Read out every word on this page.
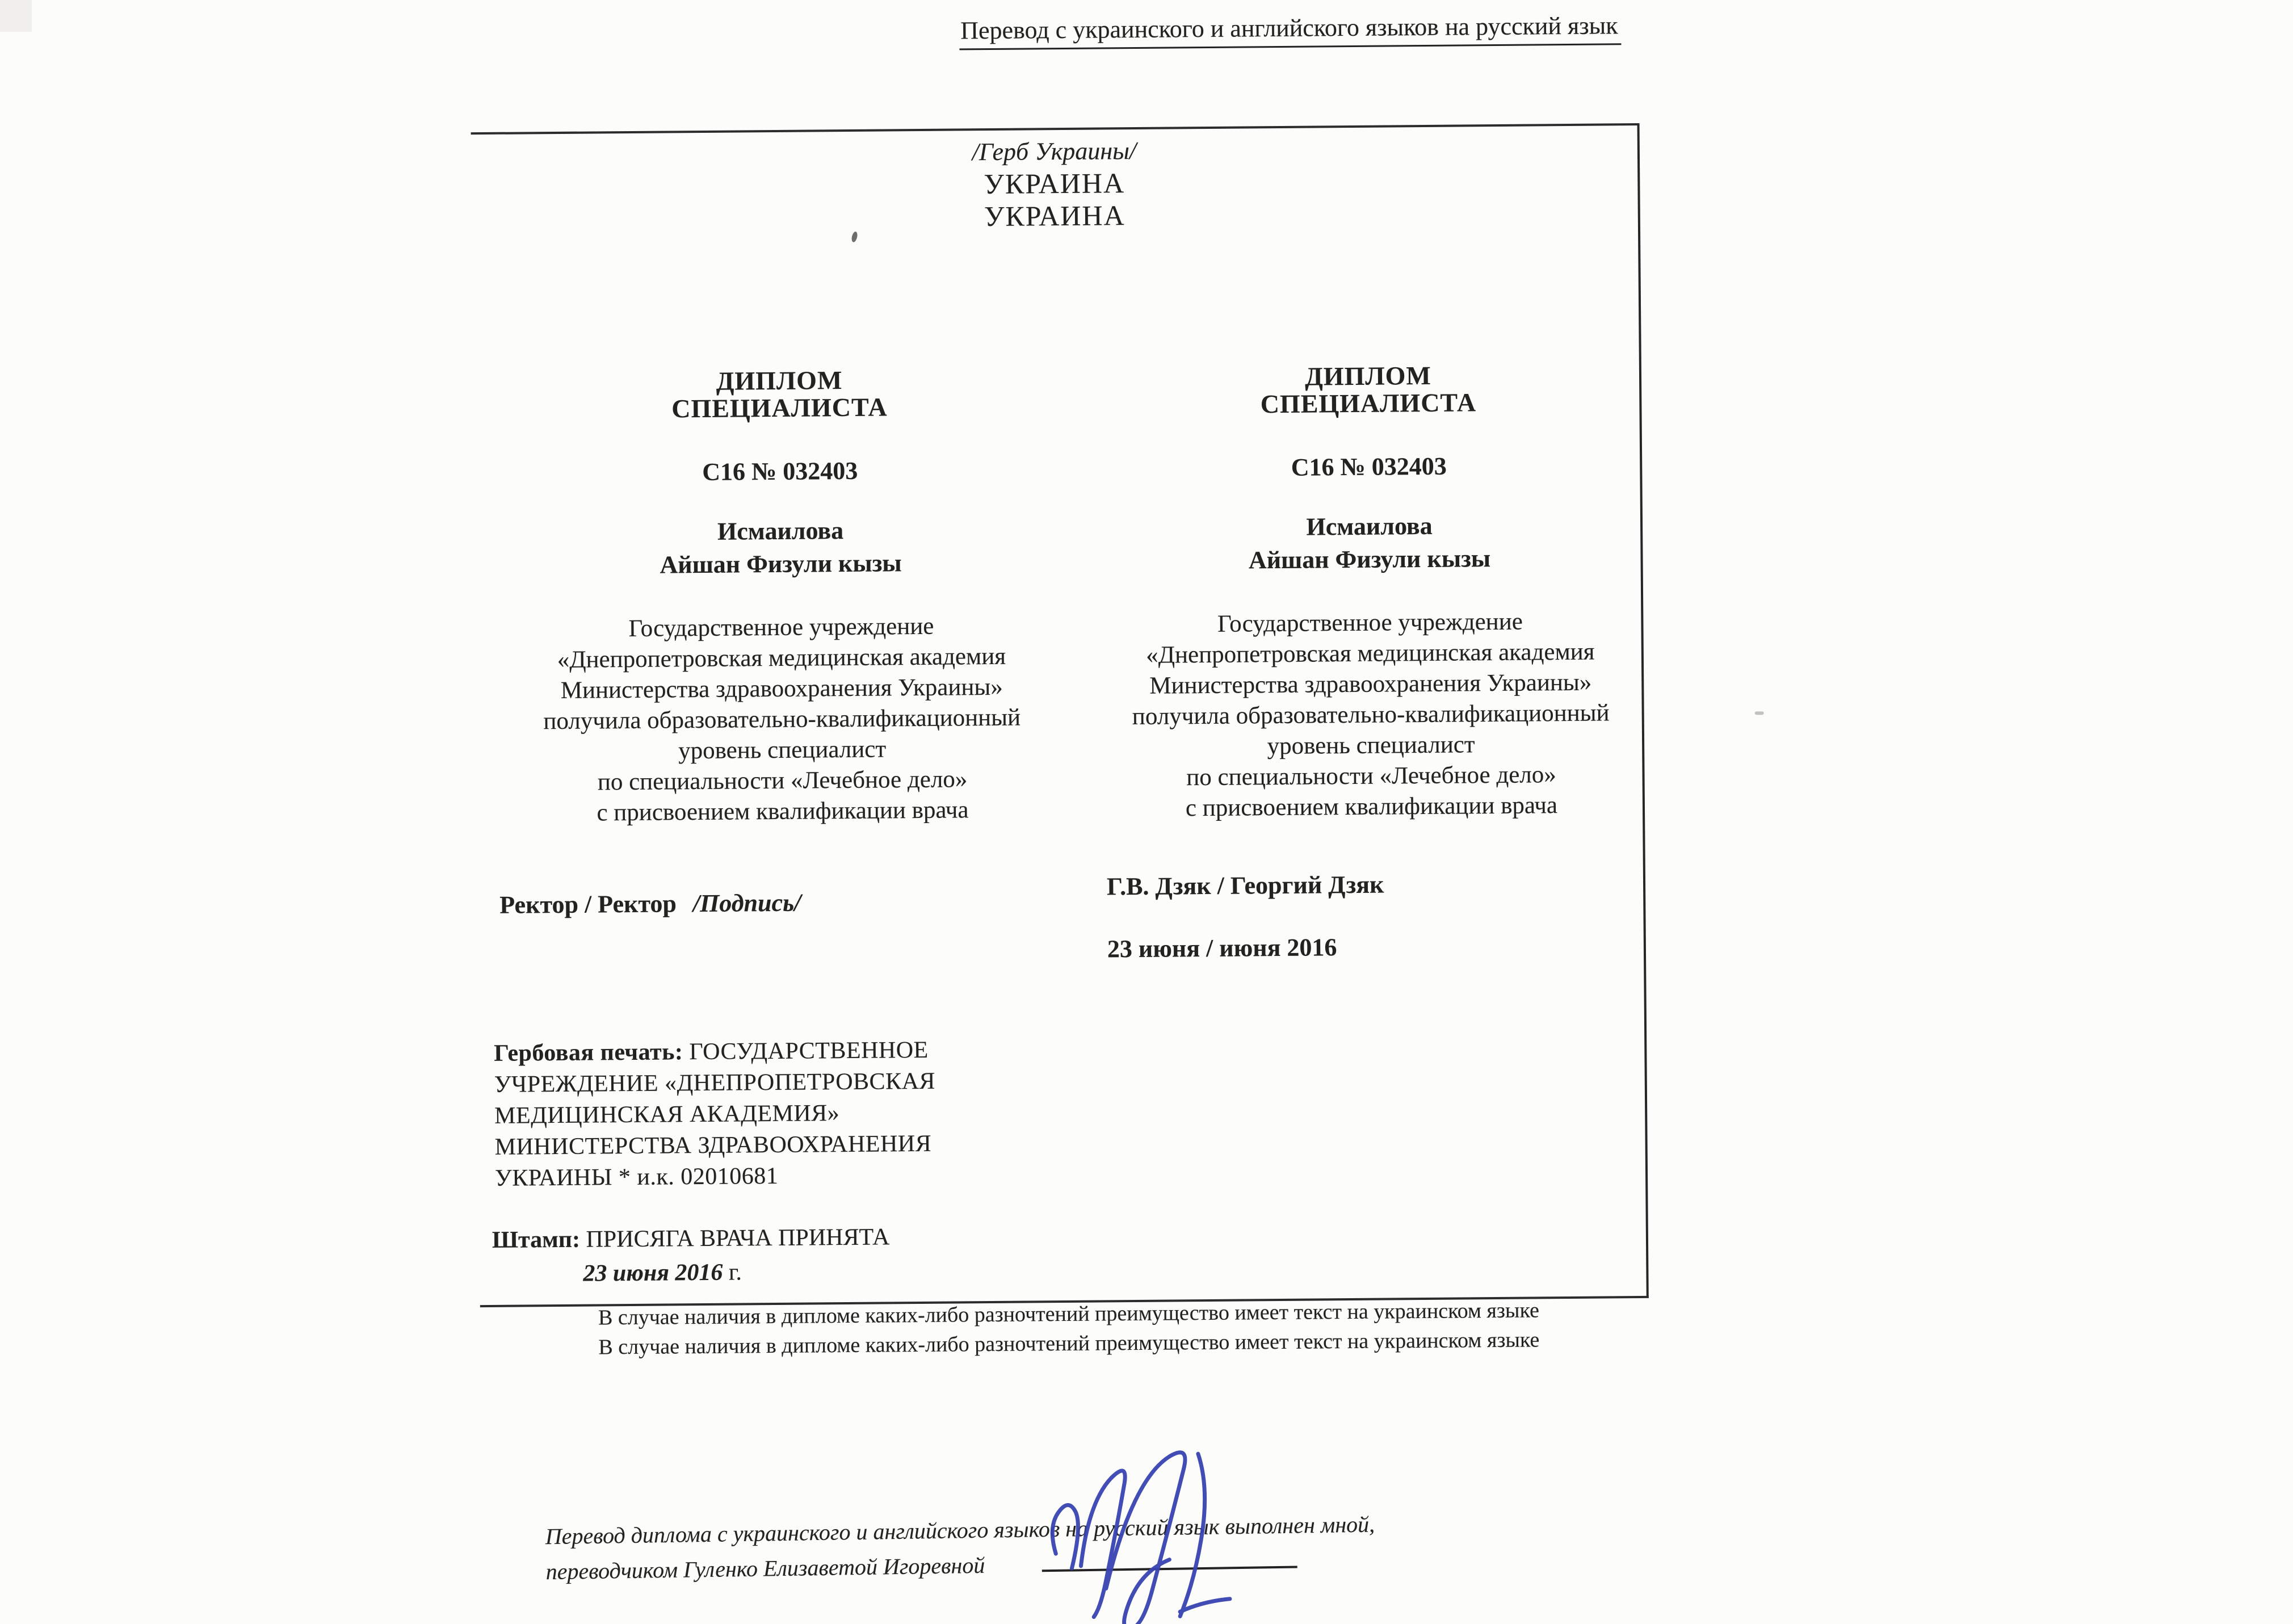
Перевод с украинского и английского языков на русский язык
/Герб Украины/
УКРАИНА
УКРАИНА
ДИПЛОМ
СПЕЦИАЛИСТА
С16 № 032403
Исмаилова
Айшан Физули кызы
Государственное учреждение
«Днепропетровская медицинская академия
Министерства здравоохранения Украины»
получила образовательно-квалификационный
уровень специалист
по специальности «Лечебное дело»
с присвоением квалификации врача
Ректор / Ректор /Подпись/
ДИПЛОМ
СПЕЦИАЛИСТА
С16 № 032403
Исмаилова
Айшан Физули кызы
Государственное учреждение
«Днепропетровская медицинская академия
Министерства здравоохранения Украины»
получила образовательно-квалификационный
уровень специалист
по специальности «Лечебное дело»
с присвоением квалификации врача
Г.В. Дзяк / Георгий Дзяк
23 июня / июня 2016
Гербовая печать: ГОСУДАРСТВЕННОЕ
УЧРЕЖДЕНИЕ «ДНЕПРОПЕТРОВСКАЯ
МЕДИЦИНСКАЯ АКАДЕМИЯ»
МИНИСТЕРСТВА ЗДРАВООХРАНЕНИЯ
УКРАИНЫ * и.к. 02010681
Штамп: ПРИСЯГА ВРАЧА ПРИНЯТА
23 июня 2016 г.
В случае наличия в дипломе каких-либо разночтений преимущество имеет текст на украинском языке
В случае наличия в дипломе каких-либо разночтений преимущество имеет текст на украинском языке
Перевод диплома с украинского и английского языков на русский язык выполнен мной,
переводчиком Гуленко Елизаветой Игоревной
